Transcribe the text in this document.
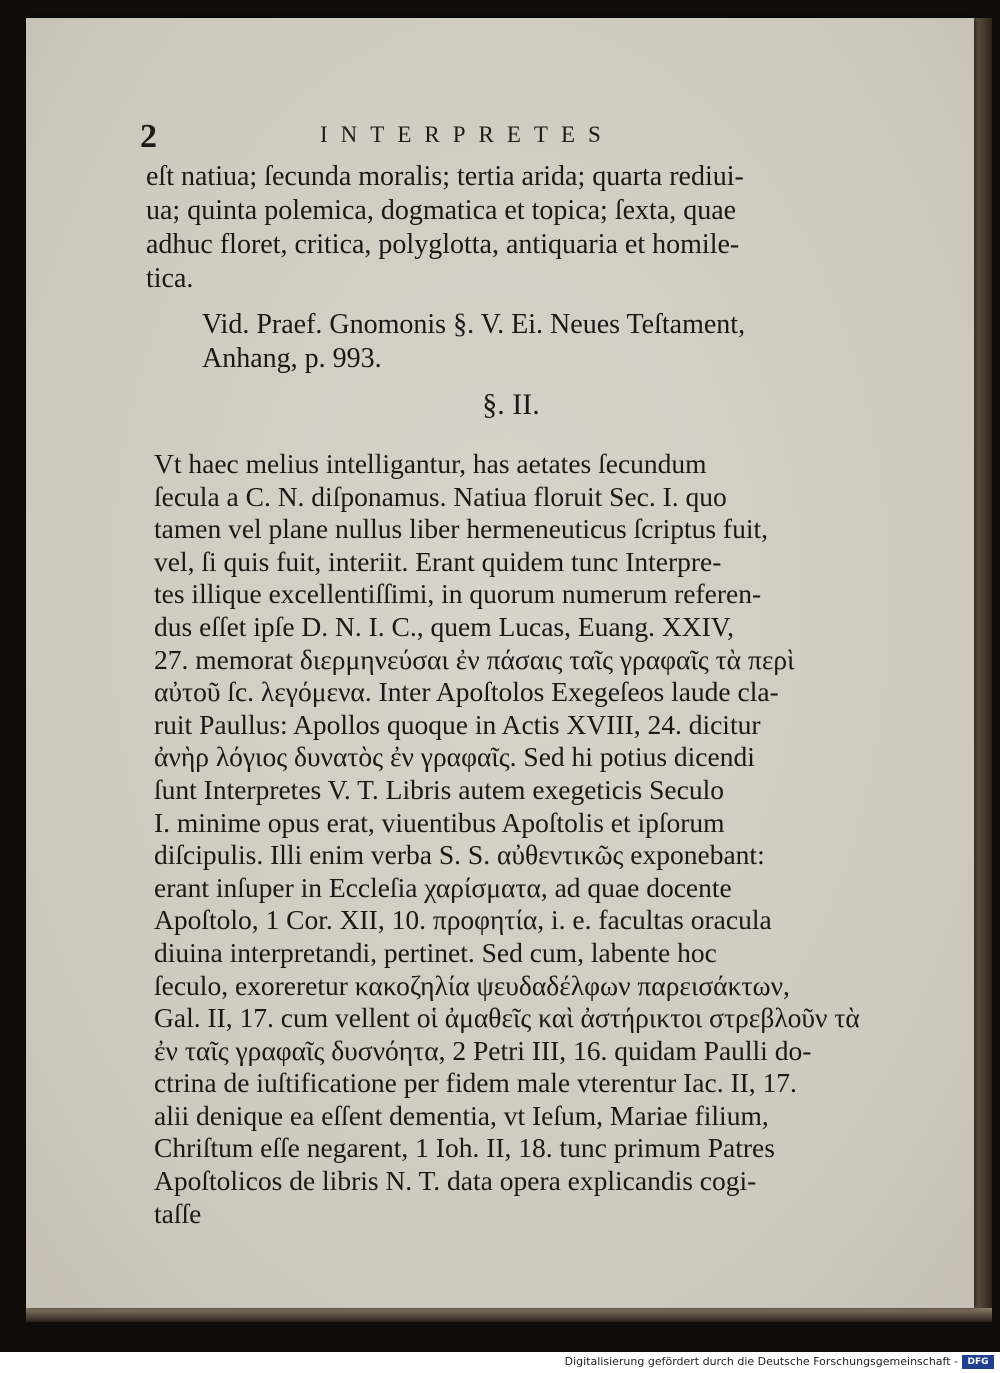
2	INTERPRETES

eſt natiua; ſecunda moralis; tertia arida; quarta rediui-

ua; quinta polemica, dogmatica et topica; ſexta, quae

adhuc floret, critica, polyglotta, antiquaria et homile-

tica.

Vid. Praef. Gnomonis §. V. Ei. Neues Teſtament,

Anhang, p. 993.

§. II.

Vt haec melius intelligantur, has aetates ſecundum

ſecula a C. N. diſponamus. Natiua floruit Sec. I. quo

tamen vel plane nullus liber hermeneuticus ſcriptus fuit,

vel, ſi quis fuit, interiit. Erant quidem tunc Interpre-

tes illique excellentiſſimi, in quorum numerum referen-

dus eſſet ipſe D. N. I. C., quem Lucas, Euang. XXIV,

27. memorat διερμηνεύσαι ἐν πάσαις ταῖς γραφαῖς τὰ περὶ

αὐτοῦ ſc. λεγόμενα. Inter Apoſtolos Exegeſeos laude cla-

ruit Paullus: Apollos quoque in Actis XVIII, 24. dicitur

ἀνὴρ λόγιος δυνατὸς ἐν γραφαῖς. Sed hi potius dicendi

ſunt Interpretes V. T. Libris autem exegeticis Seculo

I. minime opus erat, viuentibus Apoſtolis et ipſorum

diſcipulis. Illi enim verba S. S. αὐθεντικῶς exponebant:

erant inſuper in Eccleſia χαρίσματα, ad quae docente

Apoſtolo, 1 Cor. XII, 10. προφητία, i. e. facultas oracula

diuina interpretandi, pertinet. Sed cum, labente hoc

ſeculo, exoreretur κακοζηλία ψευδαδέλφων παρεισάκτων,

Gal. II, 17. cum vellent οἱ ἀμαθεῖς καὶ ἀστήρικτοι στρεβλοῦν τὰ

ἐν ταῖς γραφαῖς δυσνόητα, 2 Petri III, 16. quidam Paulli do-

ctrina de iuſtificatione per fidem male vterentur Iac. II, 17.

alii denique ea eſſent dementia, vt Ieſum, Mariae filium,

Chriſtum eſſe negarent, 1 Ioh. II, 18. tunc primum Patres

Apoſtolicos de libris N. T. data opera explicandis cogi-

taſſe

Digitalisierung gefördert durch die Deutsche Forschungsgemeinschaft -	DFG
